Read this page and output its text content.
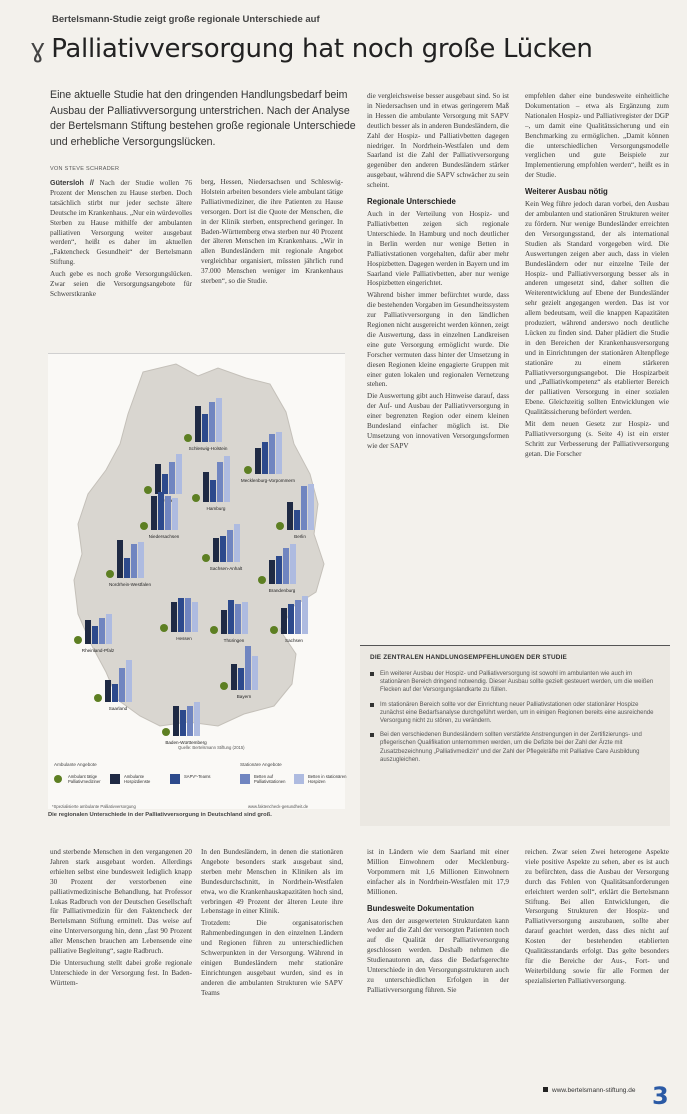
Bertelsmann-Studie zeigt große regionale Unterschiede auf
ɣ Palliativversorgung hat noch große Lücken
Eine aktuelle Studie hat den dringenden Handlungsbedarf beim Ausbau der Palliativversorgung unterstrichen. Nach der Analyse der Bertelsmann Stiftung bestehen große regionale Unterschiede und erhebliche Versorgungslücken.
VON STEVE SCHRADER

Gütersloh // Nach der Studie wollen 76 Prozent der Menschen zu Hause sterben. Doch tatsächlich stirbt nur jeder sechste ältere Deutsche im Krankenhaus. „Nur ein würdevolles Sterben zu Hause mithilfe der ambulanten palliativen Versorgung weiter ausgebaut werden“, heißt es daher im aktuellen „Faktencheck Gesundheit“ der Bertelsmann Stiftung.

Auch gebe es noch große Versorgungslücken. Zwar seien die Versorgungsangebote für Schwerstkranke

berg, Hessen, Niedersachsen und Schleswig-Holstein arbeiten besonders viele ambulant tätige Palliativmediziner, die ihre Patienten zu Hause versorgen. Dort ist die Quote der Menschen, die in der Klinik sterben, entsprechend geringer. In Baden-Württemberg etwa sterben nur 40 Prozent der älteren Menschen im Krankenhaus. „Wir in allen Bundesländern mit regionale Angebot vergleichbar organisiert, müssten jährlich rund 37.000 Menschen weniger im Krankenhaus sterben“, so die Studie.

die vergleichsweise besser ausgebaut sind. So ist in Niedersachsen und in etwas geringerem Maß in Hessen die ambulante Versorgung mit SAPV deutlich besser als in anderen Bundesländern, die Zahl der Hospiz- und Palliativbetten dagegen niedriger. In Nordrhein-Westfalen und dem Saarland ist die Zahl der Palliativversorgung gegenüber den anderen Bundesländern stärker ausgebaut, während die SAPV schwächer zu sein scheint.

Regionale Unterschiede

Auch in der Verteilung von Hospiz- und Palliativbetten zeigen sich regionale Unterschiede. In Hamburg und noch deutlicher in Berlin werden nur wenige Betten in Palliativstationen vorgehalten, dafür aber mehr Hospizbetten. Dagegen werden in Bayern und im Saarland viele Palliativbetten, aber nur wenige Hospizbetten eingerichtet.

Während bisher immer befürchtet wurde, dass die bestehenden Vorgaben im Gesundheitssystem zur Palliativversorgung in den ländlichen Regionen nicht ausgereicht werden können, zeigt die Auswertung, dass in einzelnen Landkreisen eine gute Versorgung ermöglicht wurde. Die Forscher vermuten dass hinter der Umsetzung in diesen Regionen kleine engagierte Gruppen mit einer guten lokalen und regionalen Vernetzung stehen.

Die Auswertung gibt auch Hinweise darauf, dass der Auf- und Ausbau der Palliativversorgung in einer begrenzten Region oder einem kleinen Bundesland einfacher möglich ist. Die Umsetzung von innovativen Versorgungsformen wie der SAPV

empfehlen daher eine bundesweite einheitliche Dokumentation – etwa als Ergänzung zum Nationalen Hospiz- und Palliativregister der DGP –, um damit eine Qualitätssicherung und ein Benchmarking zu ermöglichen. „Damit können die unterschiedlichen Versorgungsmodelle verglichen und gute Beispiele zur Implementierung empfohlen werden“, heißt es in der Studie.

Weiterer Ausbau nötig

Kein Weg führe jedoch daran vorbei, den Ausbau der ambulanten und stationären Strukturen weiter zu fördern. Nur wenige Bundesländer erreichten den Versorgungsstand, der als international Studien als Standard vorgegeben wird. Die Auswertungen zeigen aber auch, dass in vielen Bundesländern oder nur einzelne Teile der Hospiz- und Palliativversorgung besser als in anderen umgesetzt sind, daher sollten die Weiterentwicklung auf Ebene der Bundesländer sehr gezielt angegangen werden. Das ist vor allem bedeutsam, weil die knappen Kapazitäten produziert, während anderswo noch deutliche Lücken zu finden sind. Daher plädiert die Studie in den Bereichen der Krankenhausversorgung und in Einrichtungen der stationären Altenpflege stationäre zu einem stärkeren Palliativversorgungsangebot. Die Hospizarbeit und „Palliativkompetenz“ als etablierter Bereich der palliativen Versorgung in einer sozialen Ebene. Gleichzeitig sollten Entwicklungen wie Qualitätssicherung befördert werden.

Mit dem neuen Gesetz zur Hospiz- und Palliativversorgung (s. Seite 4) ist ein erster Schritt zur Verbesserung der Palliativversorgung getan. Die Forscher

Schleswig-Holstein
Hamburg
Mecklenburg-Vorpommern
Niedersachsen	Berlin
Brandenburg
Sachsen-Anhalt
Nordrhein-Westfalen
Thüringen	Sachsen
Hessen
Rheinland-Pfalz
Saarland
Bayern
Baden-Württemberg
Quelle: Bertelsmann Stiftung (2015)
Ambulante Angebote	Stationäre Angebote
Ambulant tätige Palliativmediziner
Ambulante Hospizdienste
SAPV*-Teams	Betten auf Palliativstationen
Betten in stationären Hospizen
*Spezialisierte ambulante Palliativversorgung	www.faktencheck-gesundheit.de
Die regionalen Unterschiede in der Palliativversorgung in Deutschland sind groß.
DIE ZENTRALEN HANDLUNGSEMPFEHLUNGEN DER STUDIE
Ein weiterer Ausbau der Hospiz- und Palliativversorgung ist sowohl im ambulanten wie auch im stationären Bereich dringend notwendig. Dieser Ausbau sollte gezielt gesteuert werden, um die weißen Flecken auf der Versorgungslandkarte zu füllen.
Im stationären Bereich sollte vor der Einrichtung neuer Palliativstationen oder stationärer Hospize zunächst eine Bedarfsanalyse durchgeführt werden, um in einigen Regionen bereits eine ausreichende Versorgung nicht zu stören, zu verändern.
Bei den verschiedenen Bundesländern sollten verstärkte Anstrengungen in der Zertifizierungs- und pflegerischen Qualifikation unternommen werden, um die Defizite bei der Zahl der Ärzte mit Zusatzbezeichnung „Palliativmedizin“ und der Zahl der Pflegekräfte mit Palliative Care Ausbildung auszugleichen.

und sterbende Menschen in den vergangenen 20 Jahren stark ausgebaut worden. Allerdings erhielten selbst eine bundesweit lediglich knapp 30 Prozent der verstorbenen eine palliativmedizinische Behandlung, hat Professor Lukas Radbruch von der Deutschen Gesellschaft für Palliativmedizin für den Faktencheck der Bertelsmann Stiftung ermittelt. Das weise auf eine Unterversorgung hin, denn „fast 90 Prozent aller Menschen brauchen am Lebensende eine palliative Begleitung“, sagte Radbruch.

Die Untersuchung stellt dabei große regionale Unterschiede in der Versorgung fest. In Baden-Württem-

In den Bundesländern, in denen die stationären Angebote besonders stark ausgebaut sind, sterben mehr Menschen in Kliniken als im Bundesdurchschnitt, in Nordrhein-Westfalen etwa, wo die Krankenhauskapazitäten hoch sind, verbringen 49 Prozent der älteren Leute ihre Lebenstage in einer Klinik.

Trotzdem: Die organisatorischen Rahmenbedingungen in den einzelnen Ländern und Regionen führen zu unterschiedlichen Schwerpunkten in der Versorgung. Während in einigen Bundesländern mehr stationäre Einrichtungen ausgebaut wurden, sind es in anderen die ambulanten Strukturen wie SAPV Teams

ist in Ländern wie dem Saarland mit einer Million Einwohnern oder Mecklenburg-Vorpommern mit 1,6 Millionen Einwohnern einfacher als in Nordrhein-Westfalen mit 17,9 Millionen.

Bundesweite Dokumentation

Aus den der ausgewerteten Strukturdaten kann weder auf die Zahl der versorgten Patienten noch auf die Qualität der Palliativversorgung geschlossen werden. Deshalb nehmen die Studienautoren an, dass die Bedarfsgerechte Unterschiede in den Versorgungsstrukturen auch zu unterschiedlichen Erfolgen in der Palliativversorgung führen. Sie

reichen. Zwar seien Zwei heterogene Aspekte viele positive Aspekte zu sehen, aber es ist auch zu befürchten, dass die Ausbau der Versorgung durch das Fehlen von Qualitätsanforderungen erleichtert werden soll“, erklärt die Bertelsmann Stiftung. Bei allen Entwicklungen, die Versorgung Strukturen der Hospiz- und Palliativversorgung auszubauen, sollte aber darauf geachtet werden, dass dies nicht auf Kosten der bestehenden etablierten Qualitätsstandards erfolgt. Das gelte besonders für die Bereiche der Aus-, Fort- und Weiterbildung sowie für alle Formen der spezialisierten Palliativversorgung.

www.bertelsmann-stiftung.de 3
